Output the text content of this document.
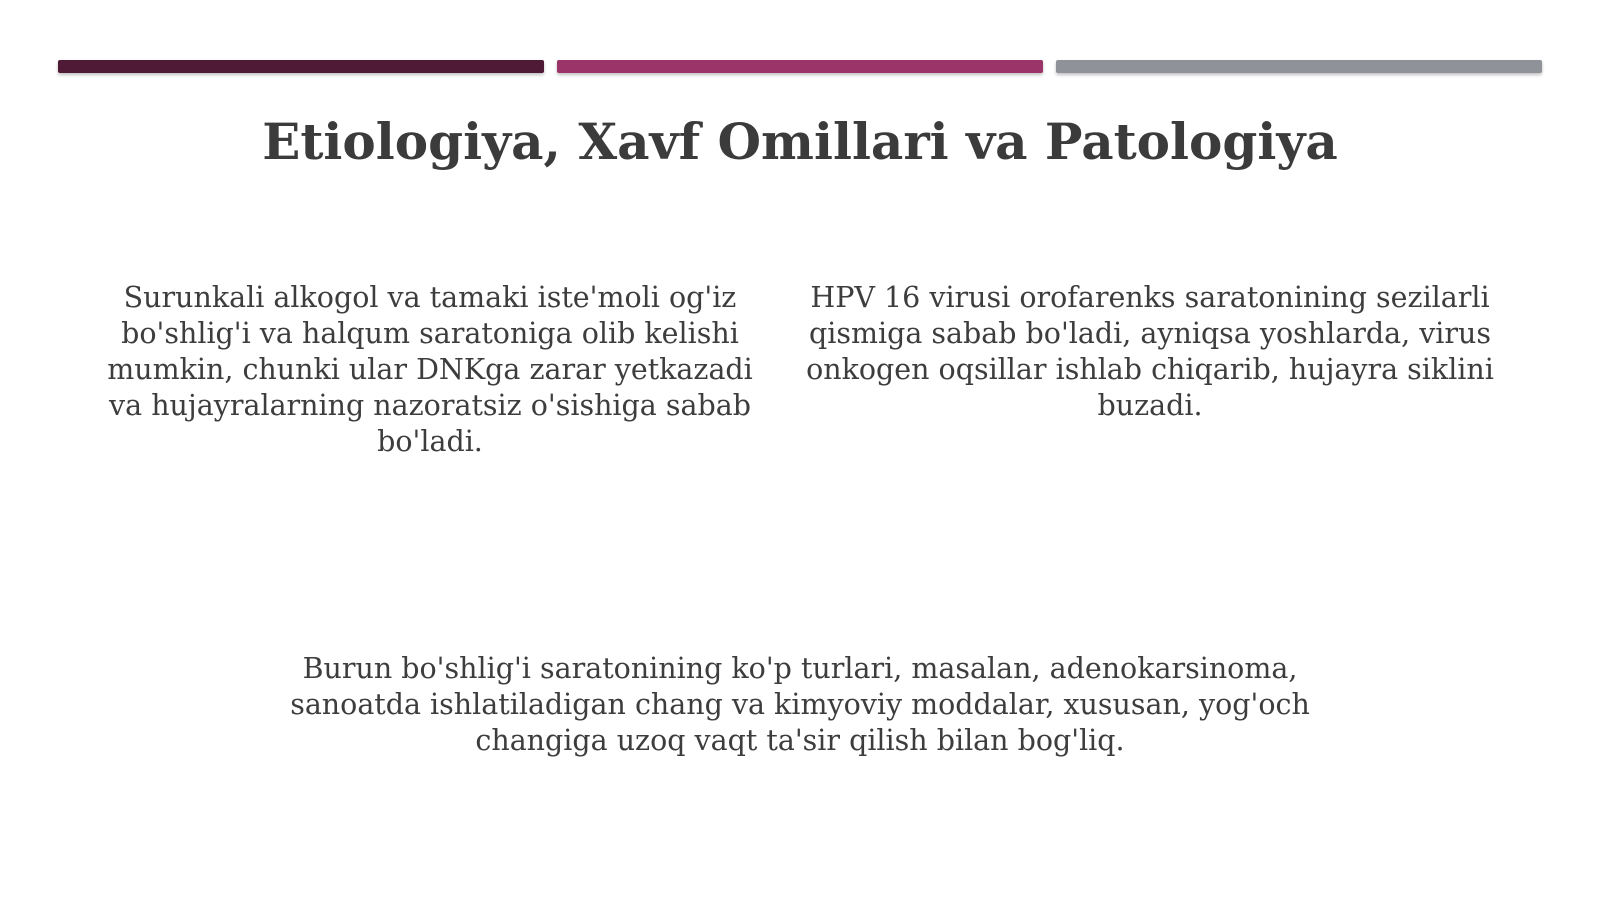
Etiologiya, Xavf Omillari va Patologiya

Surunkali alkogol va tamaki iste'moli og'iz bo'shlig'i va halqum saratoniga olib kelishi mumkin, chunki ular DNKga zarar yetkazadi va hujayralarning nazoratsiz o'sishiga sabab bo'ladi.

HPV 16 virusi orofarenks saratonining sezilarli qismiga sabab bo'ladi, ayniqsa yoshlarda, virus onkogen oqsillar ishlab chiqarib, hujayra siklini buzadi.

Burun bo'shlig'i saratonining ko'p turlari, masalan, adenokarsinoma, sanoatda ishlatiladigan chang va kimyoviy moddalar, xususan, yog'och changiga uzoq vaqt ta'sir qilish bilan bog'liq.
